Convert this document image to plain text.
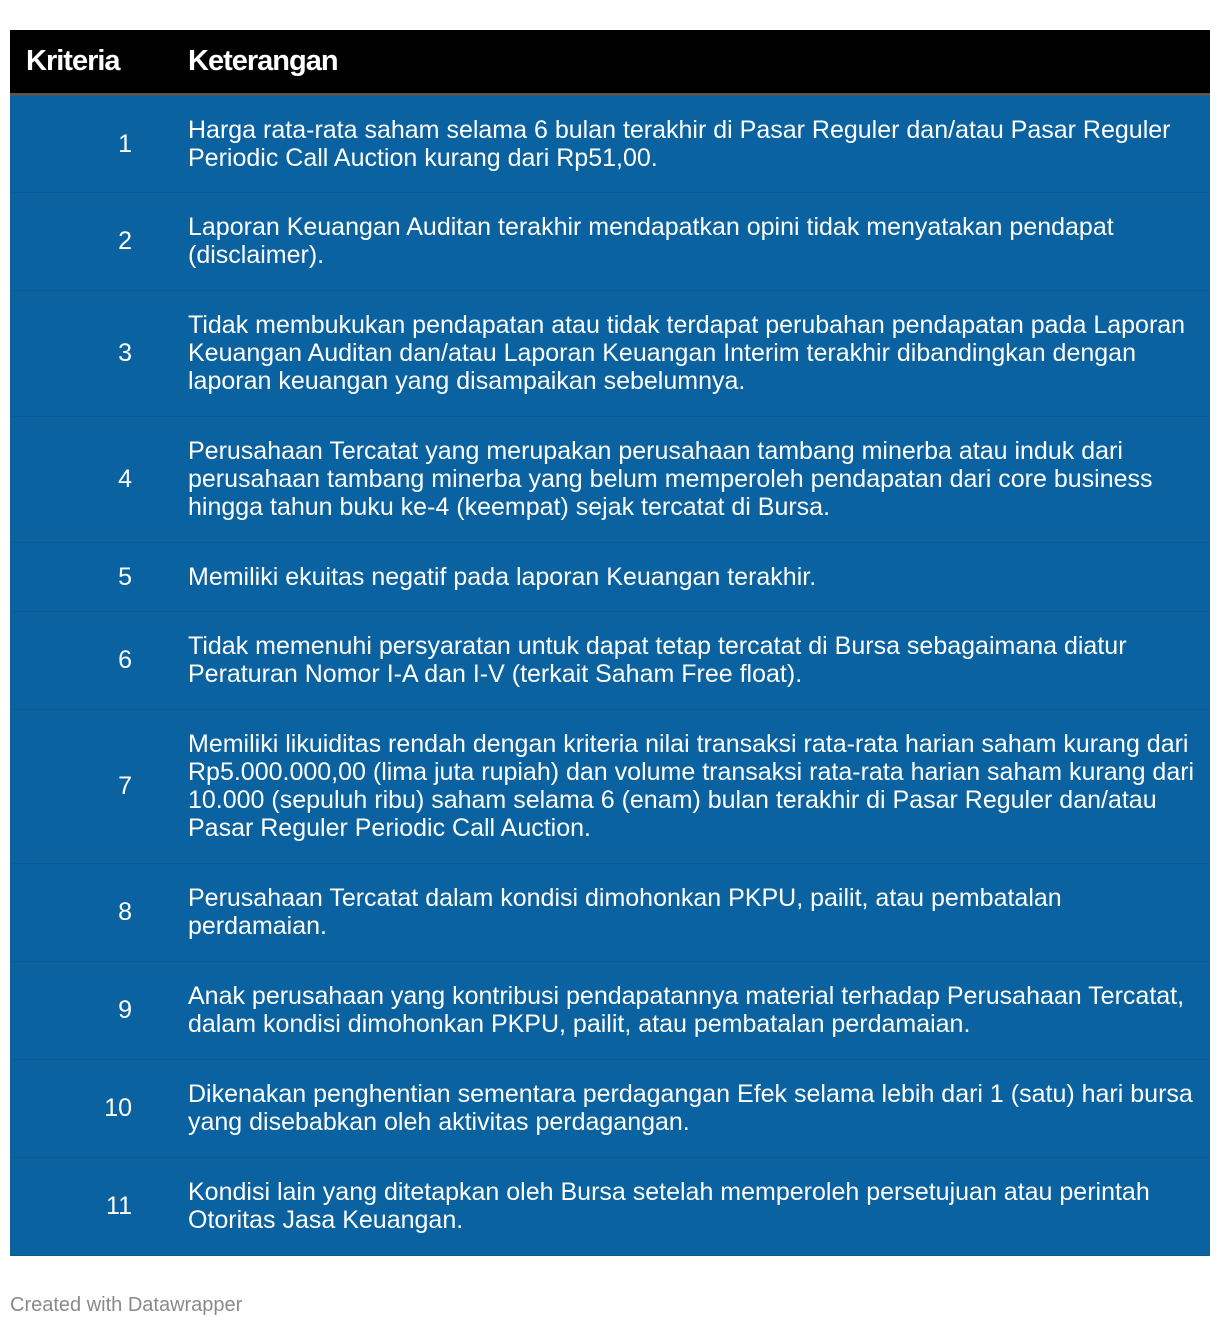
Kriteria	Keterangan
1	Harga rata-rata saham selama 6 bulan terakhir di Pasar Reguler dan/atau Pasar Reguler Periodic Call Auction kurang dari Rp51,00.
2	Laporan Keuangan Auditan terakhir mendapatkan opini tidak menyatakan pendapat (disclaimer).
3	Tidak membukukan pendapatan atau tidak terdapat perubahan pendapatan pada Laporan Keuangan Auditan dan/atau Laporan Keuangan Interim terakhir dibandingkan dengan laporan keuangan yang disampaikan sebelumnya.
4	Perusahaan Tercatat yang merupakan perusahaan tambang minerba atau induk dari perusahaan tambang minerba yang belum memperoleh pendapatan dari core business hingga tahun buku ke-4 (keempat) sejak tercatat di Bursa.
5	Memiliki ekuitas negatif pada laporan Keuangan terakhir.
6	Tidak memenuhi persyaratan untuk dapat tetap tercatat di Bursa sebagaimana diatur Peraturan Nomor I-A dan I-V (terkait Saham Free float).
7	Memiliki likuiditas rendah dengan kriteria nilai transaksi rata-rata harian saham kurang dari Rp5.000.000,00 (lima juta rupiah) dan volume transaksi rata-rata harian saham kurang dari 10.000 (sepuluh ribu) saham selama 6 (enam) bulan terakhir di Pasar Reguler dan/atau Pasar Reguler Periodic Call Auction.
8	Perusahaan Tercatat dalam kondisi dimohonkan PKPU, pailit, atau pembatalan perdamaian.
9	Anak perusahaan yang kontribusi pendapatannya material terhadap Perusahaan Tercatat, dalam kondisi dimohonkan PKPU, pailit, atau pembatalan perdamaian.
10	Dikenakan penghentian sementara perdagangan Efek selama lebih dari 1 (satu) hari bursa yang disebabkan oleh aktivitas perdagangan.
11	Kondisi lain yang ditetapkan oleh Bursa setelah memperoleh persetujuan atau perintah Otoritas Jasa Keuangan.
Created with Datawrapper
